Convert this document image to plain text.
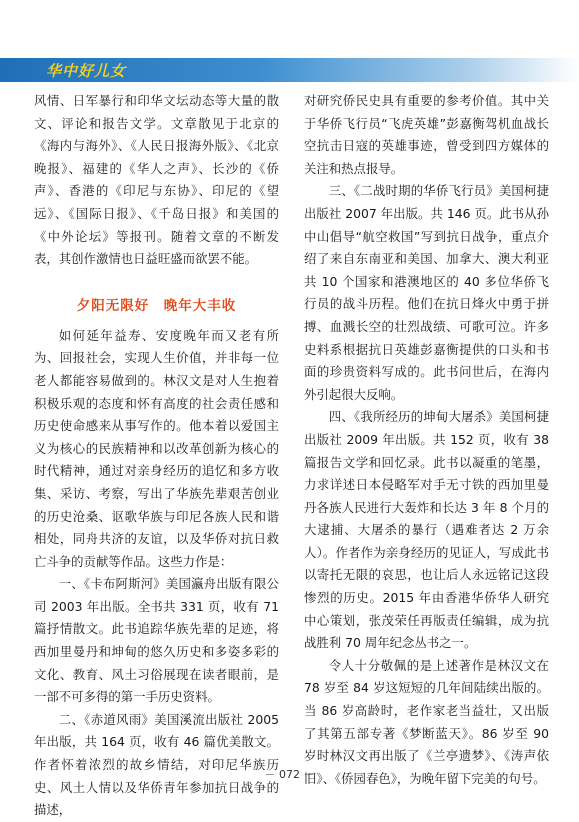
华中好儿女

风情、日军暴行和印华文坛动态等大量的散文、评论和报告文学。文章散见于北京的《海内与海外》、《人民日报海外版》、《北京晚报》、福建的《华人之声》、长沙的《侨声》、香港的《印尼与东协》、印尼的《望远》、《国际日报》、《千岛日报》和美国的《中外论坛》等报刊。随着文章的不断发表，其创作激情也日益旺盛而欲罢不能。

夕阳无限好　晚年大丰收

如何延年益寿、安度晚年而又老有所为、回报社会，实现人生价值，并非每一位老人都能容易做到的。林汉文是对人生抱着积极乐观的态度和怀有高度的社会责任感和历史使命感来从事写作的。他本着以爱国主义为核心的民族精神和以改革创新为核心的时代精神，通过对亲身经历的追忆和多方收集、采访、考察，写出了华族先辈艰苦创业的历史沧桑、讴歌华族与印尼各族人民和谐相处，同舟共济的友谊，以及华侨对抗日救亡斗争的贡献等作品。这些力作是：

一、《卡布阿斯河》美国瀛舟出版有限公司 2003 年出版。全书共 331 页，收有 71 篇抒情散文。此书追踪华族先辈的足迹，将西加里曼丹和坤甸的悠久历史和多姿多彩的文化、教育、风土习俗展现在读者眼前，是一部不可多得的第一手历史资料。

二、《赤道风雨》美国溪流出版社 2005 年出版，共 164 页，收有 46 篇优美散文。作者怀着浓烈的故乡情结，对印尼华族历史、风土人情以及华侨青年参加抗日战争的描述，

对研究侨民史具有重要的参考价值。其中关于华侨飞行员“飞虎英雄”彭嘉衡驾机血战长空抗击日寇的英雄事迹，曾受到四方媒体的关注和热点报导。

三、《二战时期的华侨飞行员》美国柯捷出版社 2007 年出版。共 146 页。此书从孙中山倡导“航空救国”写到抗日战争，重点介绍了来自东南亚和美国、加拿大、澳大利亚共 10 个国家和港澳地区的 40 多位华侨飞行员的战斗历程。他们在抗日烽火中勇于拼搏、血溅长空的壮烈战绩、可歌可泣。许多史料系根据抗日英雄彭嘉衡提供的口头和书面的珍贵资料写成的。此书问世后，在海内外引起很大反响。

四、《我所经历的坤甸大屠杀》美国柯捷出版社 2009 年出版。共 152 页，收有 38 篇报告文学和回忆录。此书以凝重的笔墨，力求详述日本侵略军对手无寸铁的西加里曼丹各族人民进行大轰炸和长达 3 年 8 个月的大逮捕、大屠杀的暴行（遇难者达 2 万余人）。作者作为亲身经历的见证人，写成此书以寄托无限的哀思，也让后人永远铭记这段惨烈的历史。2015 年由香港华侨华人研究中心策划，张茂荣任再版责任编辑，成为抗战胜利 70 周年纪念丛书之一。

令人十分敬佩的是上述著作是林汉文在 78 岁至 84 岁这短短的几年间陆续出版的。当 86 岁高龄时，老作家老当益壮，又出版了其第五部专著《梦断蓝天》。86 岁至 90 岁时林汉文再出版了《兰亭遗梦》、《涛声依旧》、《侨园春色》，为晚年留下完美的句号。

－ 072 －
